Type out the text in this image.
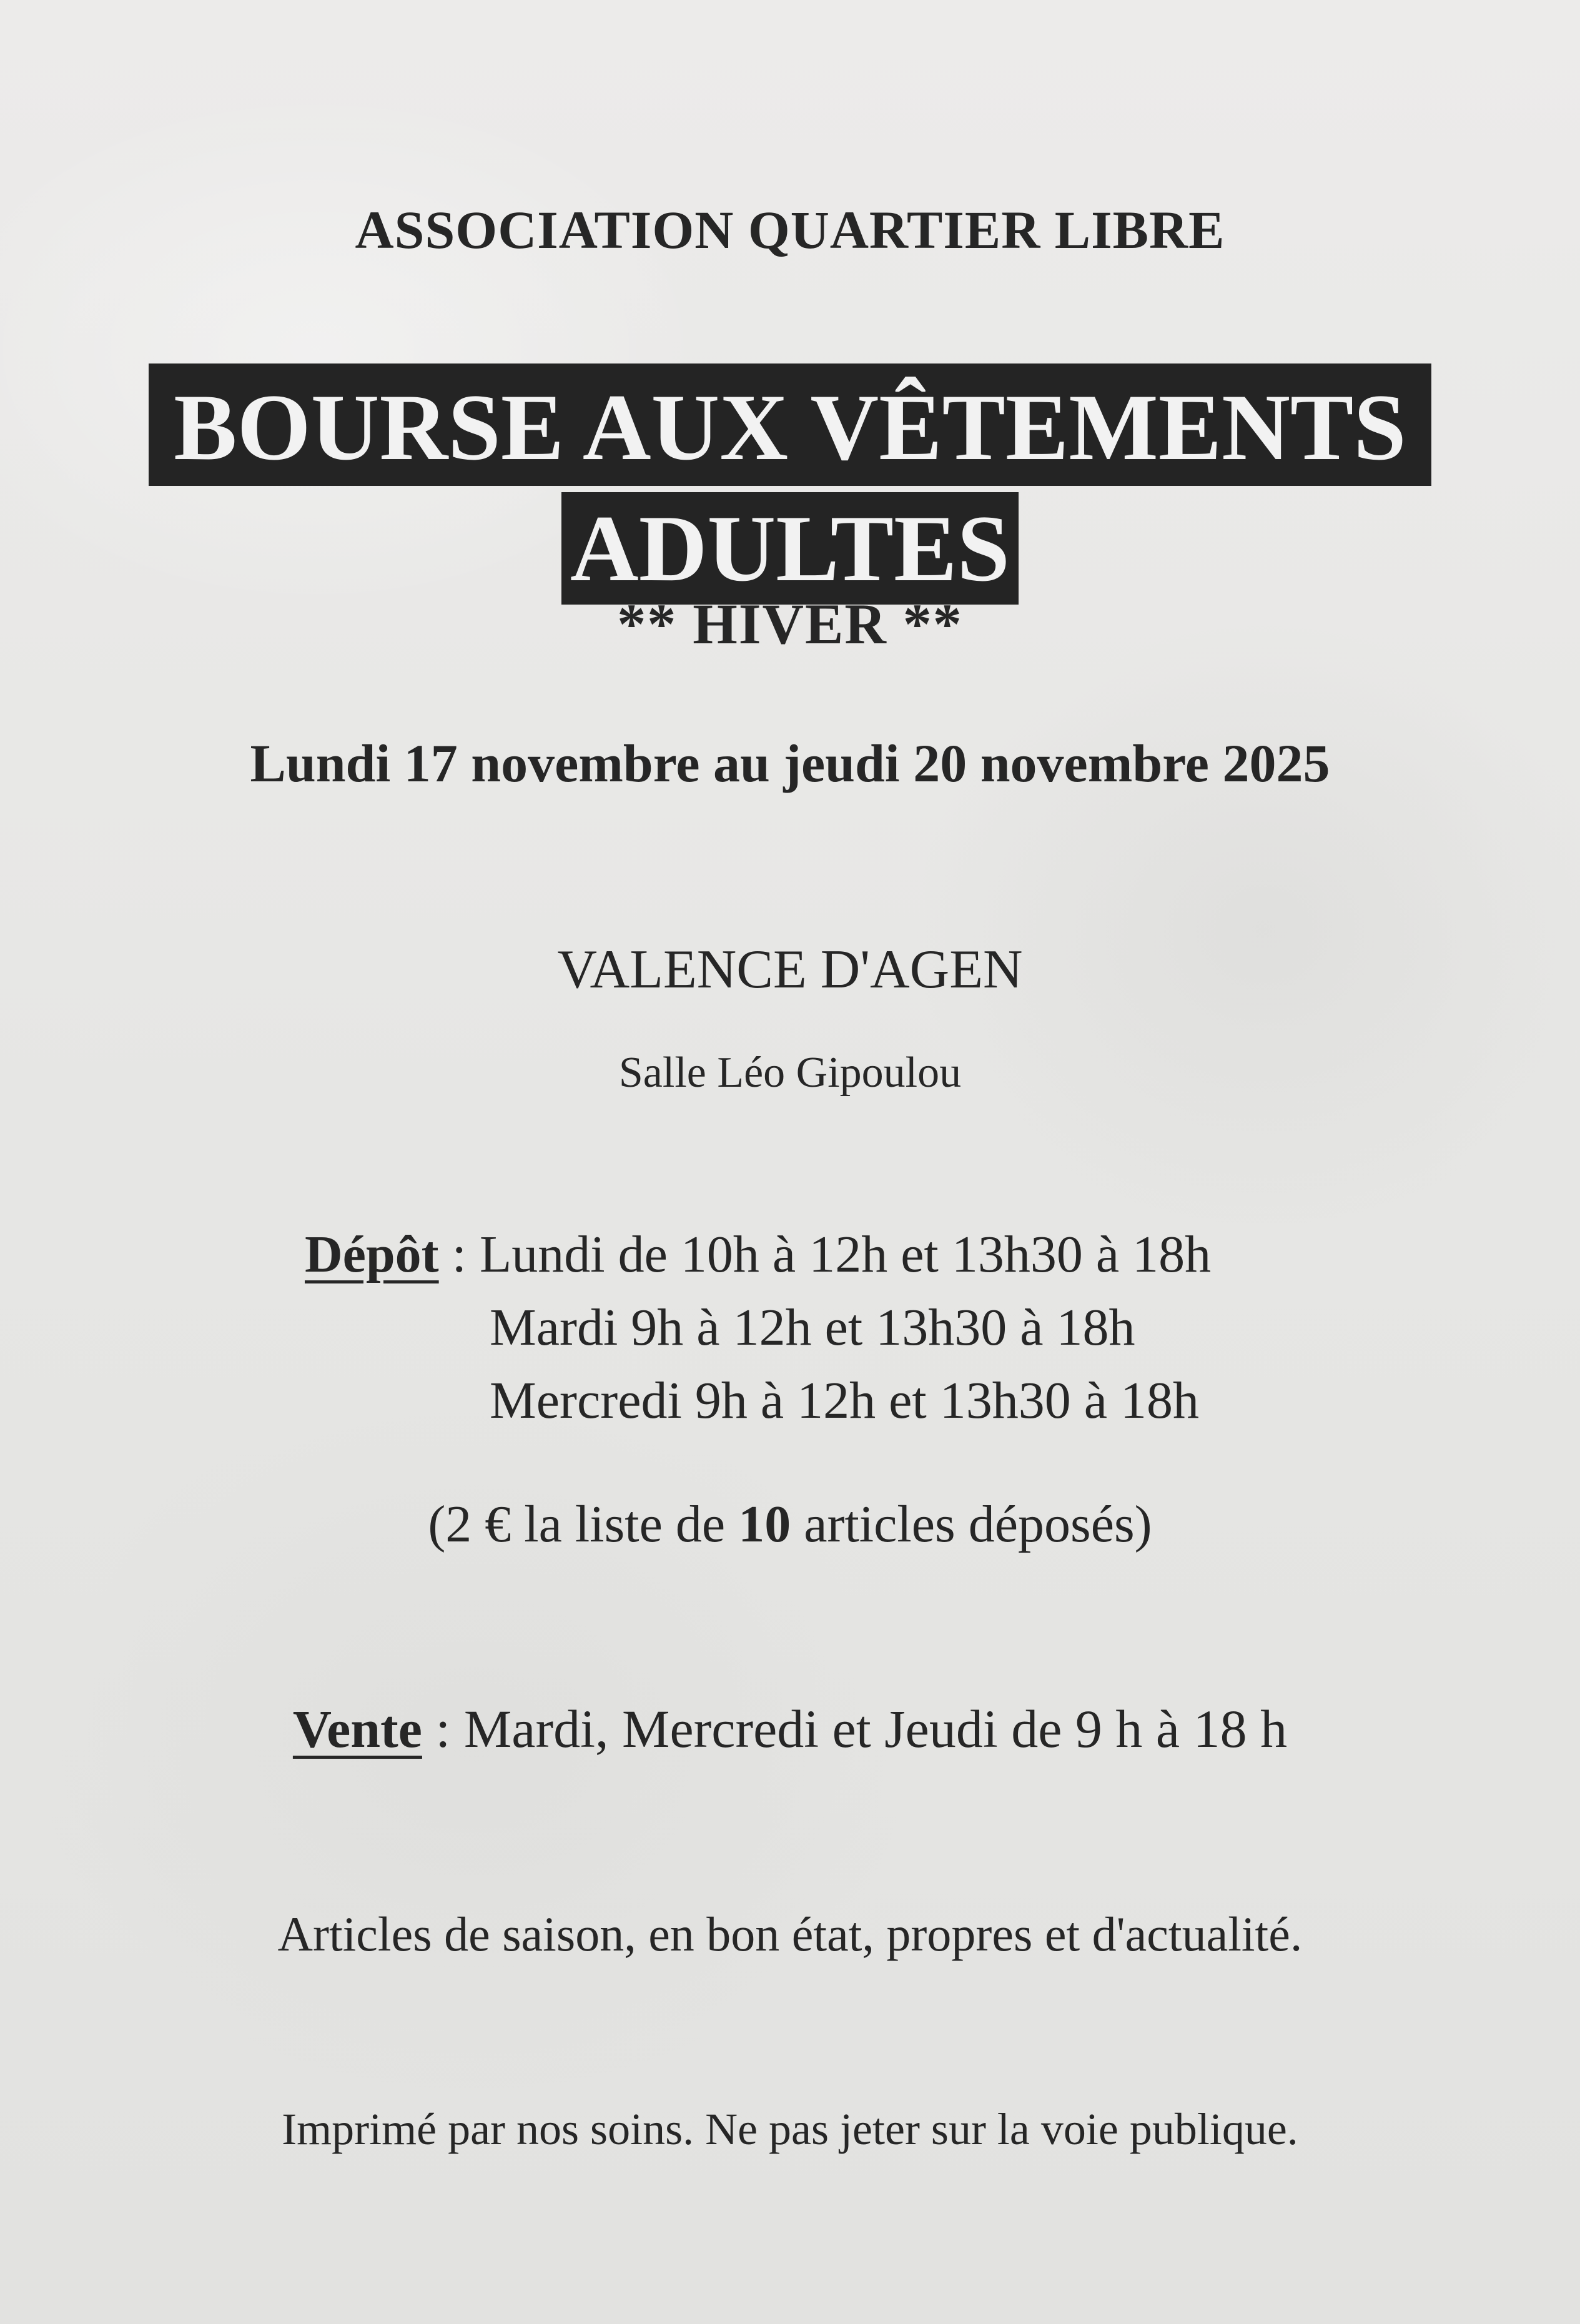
ASSOCIATION QUARTIER LIBRE
BOURSE AUX VÊTEMENTS
ADULTES
** HIVER **
Lundi 17 novembre au jeudi 20 novembre 2025
VALENCE D'AGEN
Salle Léo Gipoulou
Dépôt : Lundi de 10h à 12h et 13h30 à 18h
Mardi 9h à 12h et 13h30 à 18h
Mercredi 9h à 12h et 13h30 à 18h
(2 € la liste de 10 articles déposés)
Vente : Mardi, Mercredi et Jeudi de 9 h à 18 h
Articles de saison, en bon état, propres et d'actualité.
Imprimé par nos soins. Ne pas jeter sur la voie publique.
